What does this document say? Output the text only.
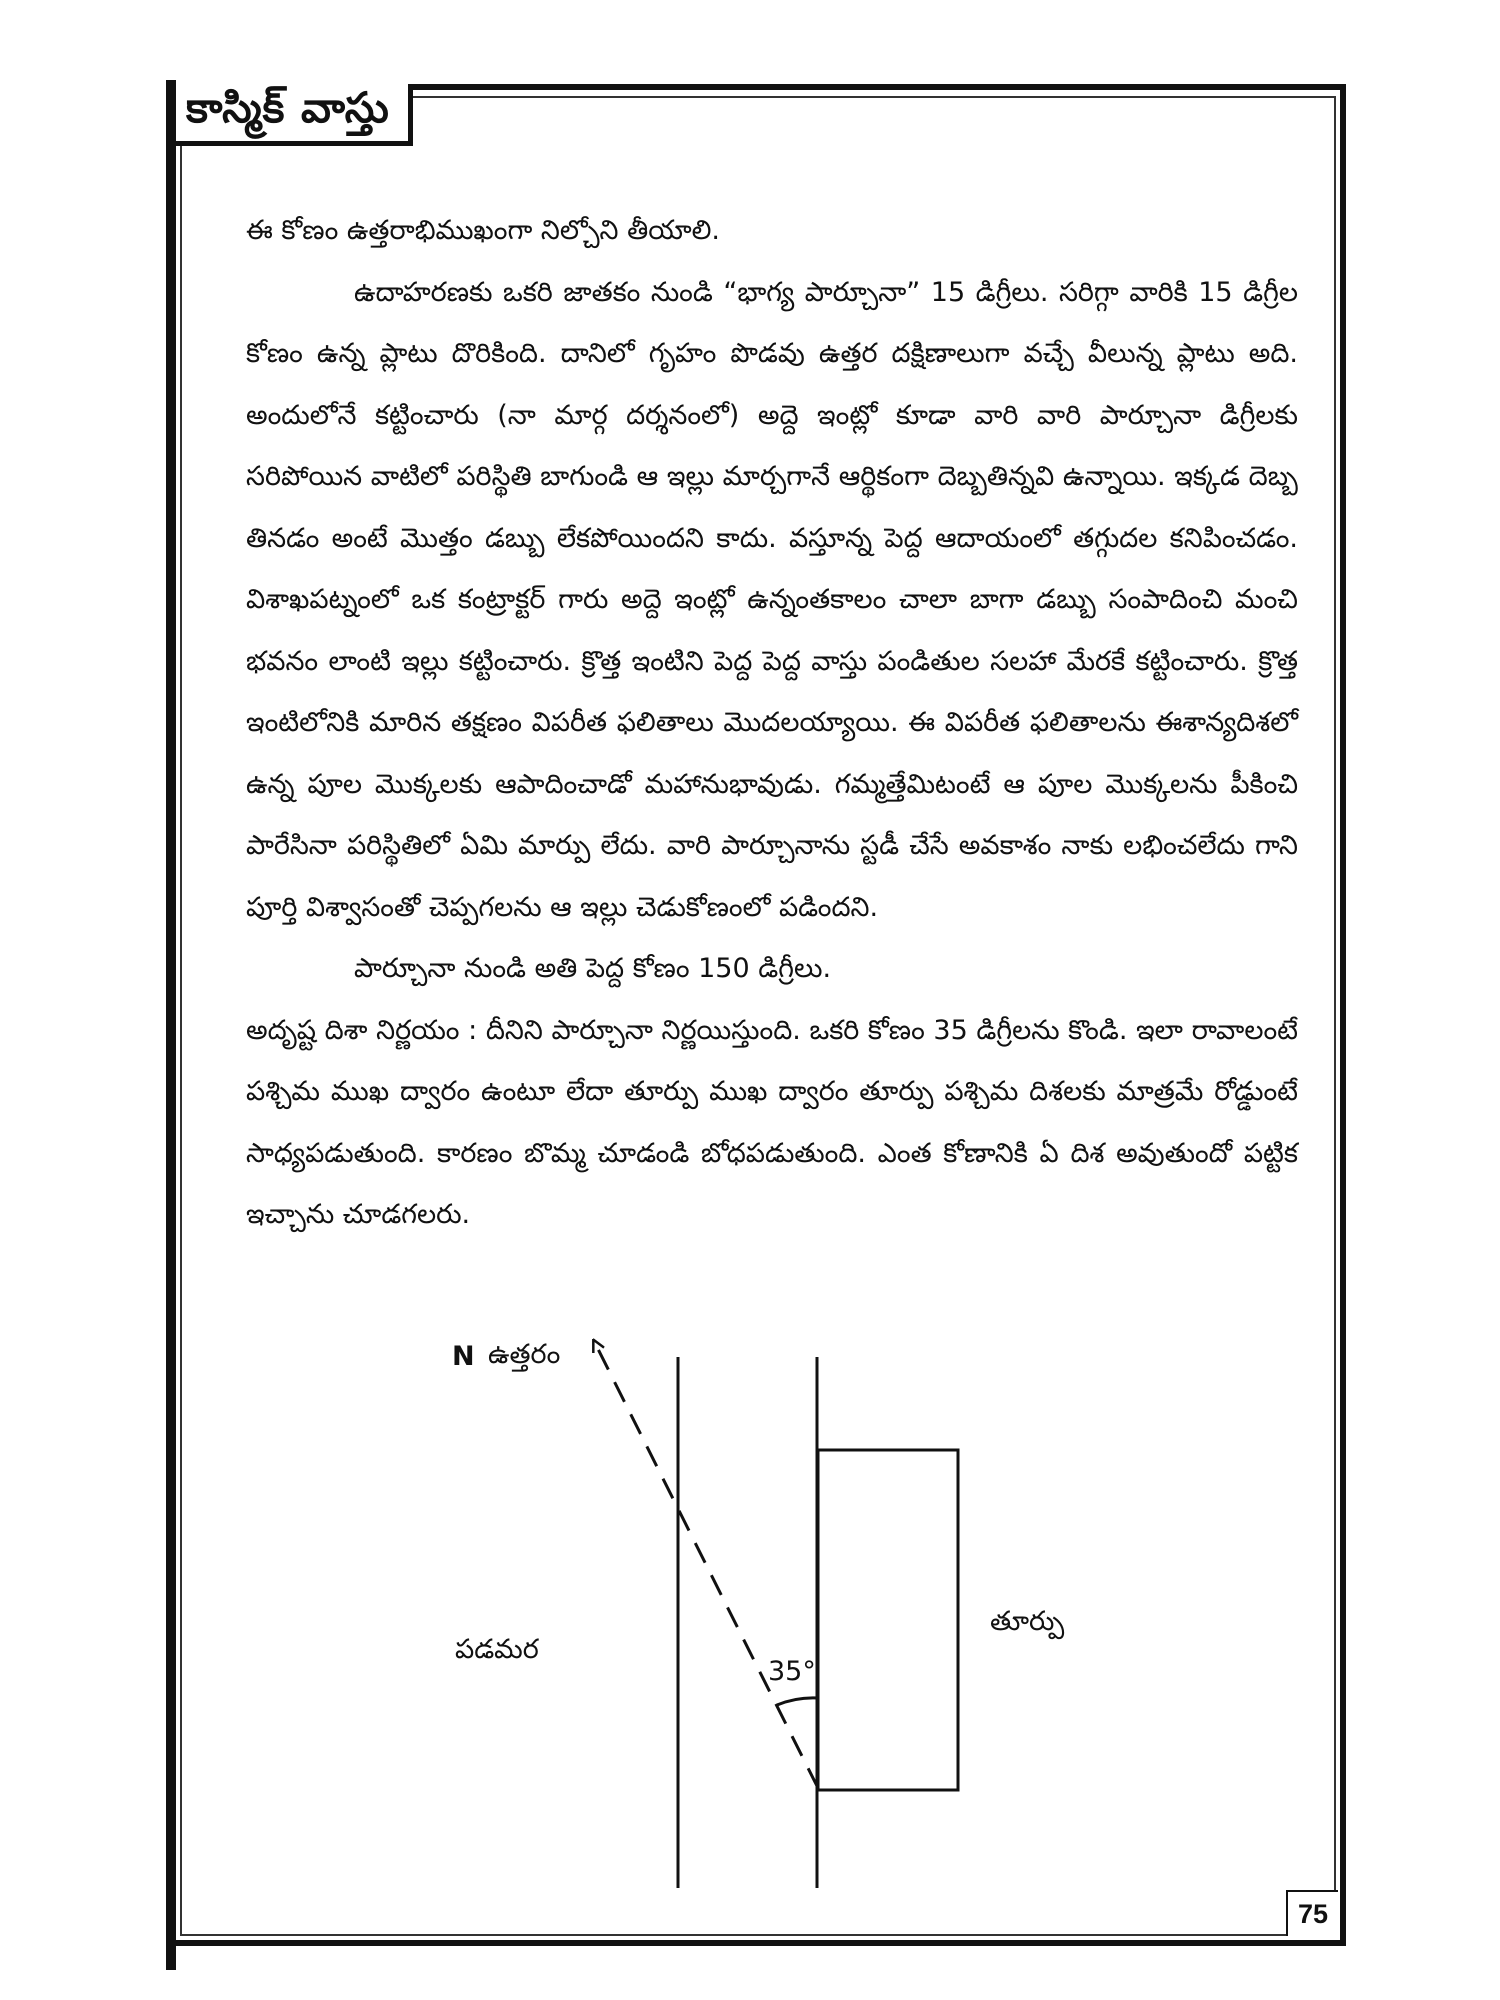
కాస్మిక్ వాస్తు

ఈ కోణం ఉత్తరాభిముఖంగా నిల్చోని తీయాలి.

ఉదాహరణకు ఒకరి జాతకం నుండి “భాగ్య పార్చూనా” 15 డిగ్రీలు. సరిగ్గా వారికి 15 డిగ్రీల కోణం ఉన్న ప్లాటు దొరికింది. దానిలో గృహం పొడవు ఉత్తర దక్షిణాలుగా వచ్చే వీలున్న ప్లాటు అది. అందులోనే కట్టించారు (నా మార్గ దర్శనంలో) అద్దె ఇంట్లో కూడా వారి వారి పార్చూనా డిగ్రీలకు సరిపోయిన వాటిలో పరిస్థితి బాగుండి ఆ ఇల్లు మార్చగానే ఆర్థికంగా దెబ్బతిన్నవి ఉన్నాయి. ఇక్కడ దెబ్బ తినడం అంటే మొత్తం డబ్బు లేకపోయిందని కాదు. వస్తూన్న పెద్ద ఆదాయంలో తగ్గుదల కనిపించడం. విశాఖపట్నంలో ఒక కంట్రాక్టర్ గారు అద్దె ఇంట్లో ఉన్నంతకాలం చాలా బాగా డబ్బు సంపాదించి మంచి భవనం లాంటి ఇల్లు కట్టించారు. క్రొత్త ఇంటిని పెద్ద పెద్ద వాస్తు పండితుల సలహా మేరకే కట్టించారు. క్రొత్త ఇంటిలోనికి మారిన తక్షణం విపరీత ఫలితాలు మొదలయ్యాయి. ఈ విపరీత ఫలితాలను ఈశాన్యదిశలో ఉన్న పూల మొక్కలకు ఆపాదించాడో మహానుభావుడు. గమ్మత్తేమిటంటే ఆ పూల మొక్కలను పీకించి పారేసినా పరిస్థితిలో ఏమి మార్పు లేదు. వారి పార్చూనాను స్టడీ చేసే అవకాశం నాకు లభించలేదు గాని పూర్తి విశ్వాసంతో చెప్పగలను ఆ ఇల్లు చెడుకోణంలో పడిందని.

పార్చూనా నుండి అతి పెద్ద కోణం 150 డిగ్రీలు.

అదృష్ట దిశా నిర్ణయం : దీనిని పార్చూనా నిర్ణయిస్తుంది. ఒకరి కోణం 35 డిగ్రీలను కొండి. ఇలా రావాలంటే పశ్చిమ ముఖ ద్వారం ఉంటూ లేదా తూర్పు ముఖ ద్వారం తూర్పు పశ్చిమ దిశలకు మాత్రమే రోడ్డుంటే సాధ్యపడుతుంది. కారణం బొమ్మ చూడండి బోధపడుతుంది. ఎంత కోణానికి ఏ దిశ అవుతుందో పట్టిక ఇచ్చాను చూడగలరు.

N ఉత్తరం
పడమర
తూర్పు
35°
75
